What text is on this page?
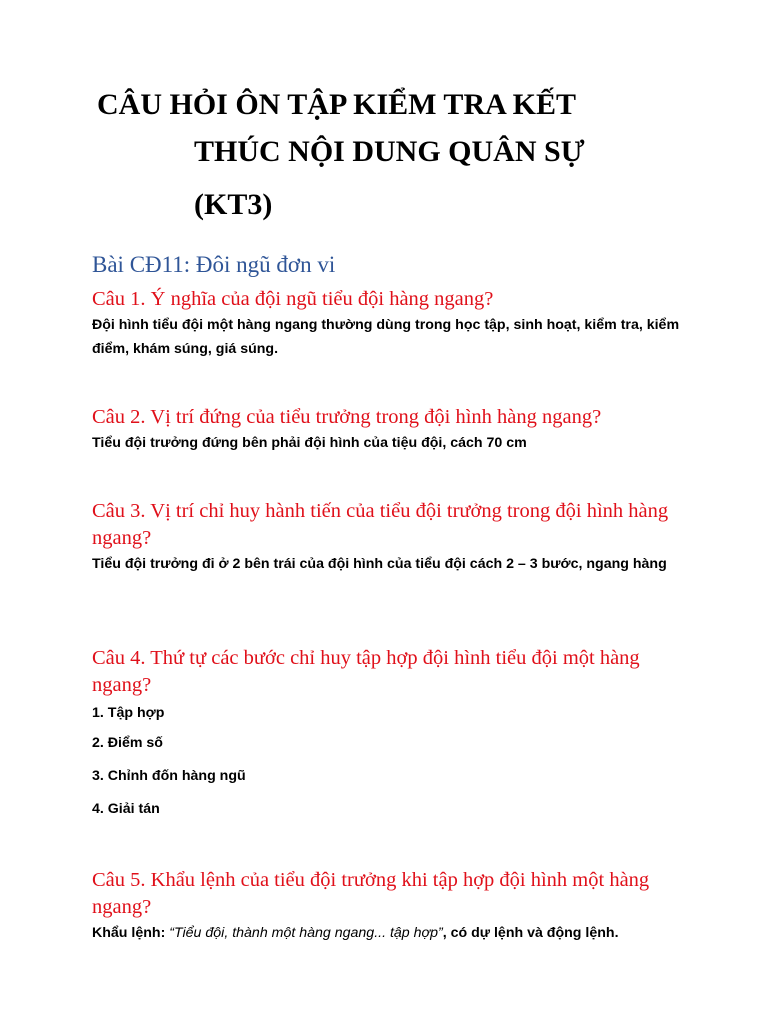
CÂU HỎI ÔN TẬP KIỂM TRA KẾT
THÚC NỘI DUNG QUÂN SỰ
(KT3)
Bài CĐ11: Đôi ngũ đơn vi

Câu 1. Ý nghĩa của đội ngũ tiểu đội hàng ngang?

Đội hình tiểu đội một hàng ngang thường dùng trong học tập, sinh hoạt, kiểm tra, kiểm điểm, khám súng, giá súng.

Câu 2. Vị trí đứng của tiểu trưởng trong đội hình hàng ngang?

Tiểu đội trưởng đứng bên phải đội hình của tiệu đội, cách 70 cm

Câu 3. Vị trí chỉ huy hành tiến của tiểu đội trưởng trong đội hình hàng ngang?

Tiểu đội trưởng đi ở 2 bên trái của đội hình của tiểu đội cách 2 – 3 bước, ngang hàng

Câu 4. Thứ tự các bước chỉ huy tập hợp đội hình tiểu đội một hàng ngang?

1. Tập hợp
2. Điểm số
3. Chỉnh đốn hàng ngũ
4. Giải tán

Câu 5. Khẩu lệnh của tiểu đội trưởng khi tập hợp đội hình một hàng ngang?

Khẩu lệnh: “Tiểu đội, thành một hàng ngang... tập hợp”, có dự lệnh và động lệnh.
